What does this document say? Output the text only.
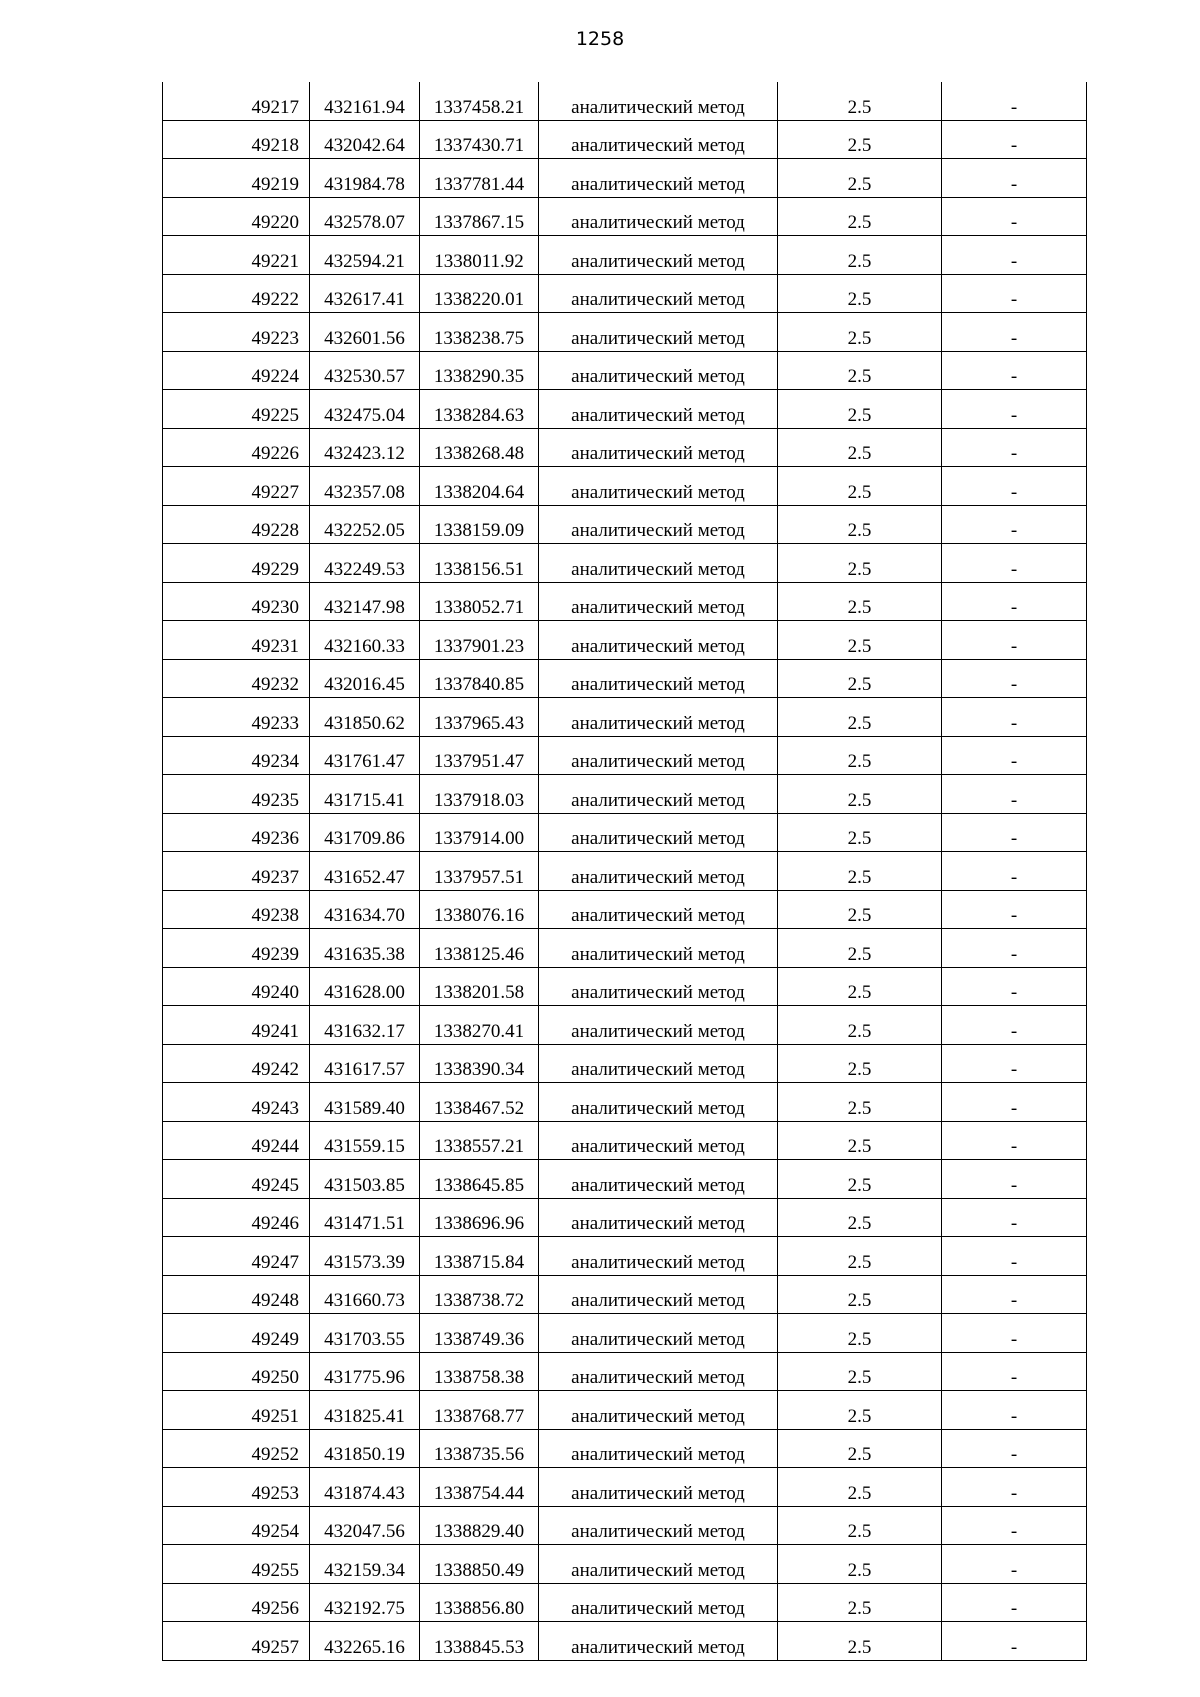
1258
49217	432161.94	1337458.21	аналитический метод	2.5	-
49218	432042.64	1337430.71	аналитический метод	2.5	-
49219	431984.78	1337781.44	аналитический метод	2.5	-
49220	432578.07	1337867.15	аналитический метод	2.5	-
49221	432594.21	1338011.92	аналитический метод	2.5	-
49222	432617.41	1338220.01	аналитический метод	2.5	-
49223	432601.56	1338238.75	аналитический метод	2.5	-
49224	432530.57	1338290.35	аналитический метод	2.5	-
49225	432475.04	1338284.63	аналитический метод	2.5	-
49226	432423.12	1338268.48	аналитический метод	2.5	-
49227	432357.08	1338204.64	аналитический метод	2.5	-
49228	432252.05	1338159.09	аналитический метод	2.5	-
49229	432249.53	1338156.51	аналитический метод	2.5	-
49230	432147.98	1338052.71	аналитический метод	2.5	-
49231	432160.33	1337901.23	аналитический метод	2.5	-
49232	432016.45	1337840.85	аналитический метод	2.5	-
49233	431850.62	1337965.43	аналитический метод	2.5	-
49234	431761.47	1337951.47	аналитический метод	2.5	-
49235	431715.41	1337918.03	аналитический метод	2.5	-
49236	431709.86	1337914.00	аналитический метод	2.5	-
49237	431652.47	1337957.51	аналитический метод	2.5	-
49238	431634.70	1338076.16	аналитический метод	2.5	-
49239	431635.38	1338125.46	аналитический метод	2.5	-
49240	431628.00	1338201.58	аналитический метод	2.5	-
49241	431632.17	1338270.41	аналитический метод	2.5	-
49242	431617.57	1338390.34	аналитический метод	2.5	-
49243	431589.40	1338467.52	аналитический метод	2.5	-
49244	431559.15	1338557.21	аналитический метод	2.5	-
49245	431503.85	1338645.85	аналитический метод	2.5	-
49246	431471.51	1338696.96	аналитический метод	2.5	-
49247	431573.39	1338715.84	аналитический метод	2.5	-
49248	431660.73	1338738.72	аналитический метод	2.5	-
49249	431703.55	1338749.36	аналитический метод	2.5	-
49250	431775.96	1338758.38	аналитический метод	2.5	-
49251	431825.41	1338768.77	аналитический метод	2.5	-
49252	431850.19	1338735.56	аналитический метод	2.5	-
49253	431874.43	1338754.44	аналитический метод	2.5	-
49254	432047.56	1338829.40	аналитический метод	2.5	-
49255	432159.34	1338850.49	аналитический метод	2.5	-
49256	432192.75	1338856.80	аналитический метод	2.5	-
49257	432265.16	1338845.53	аналитический метод	2.5	-
